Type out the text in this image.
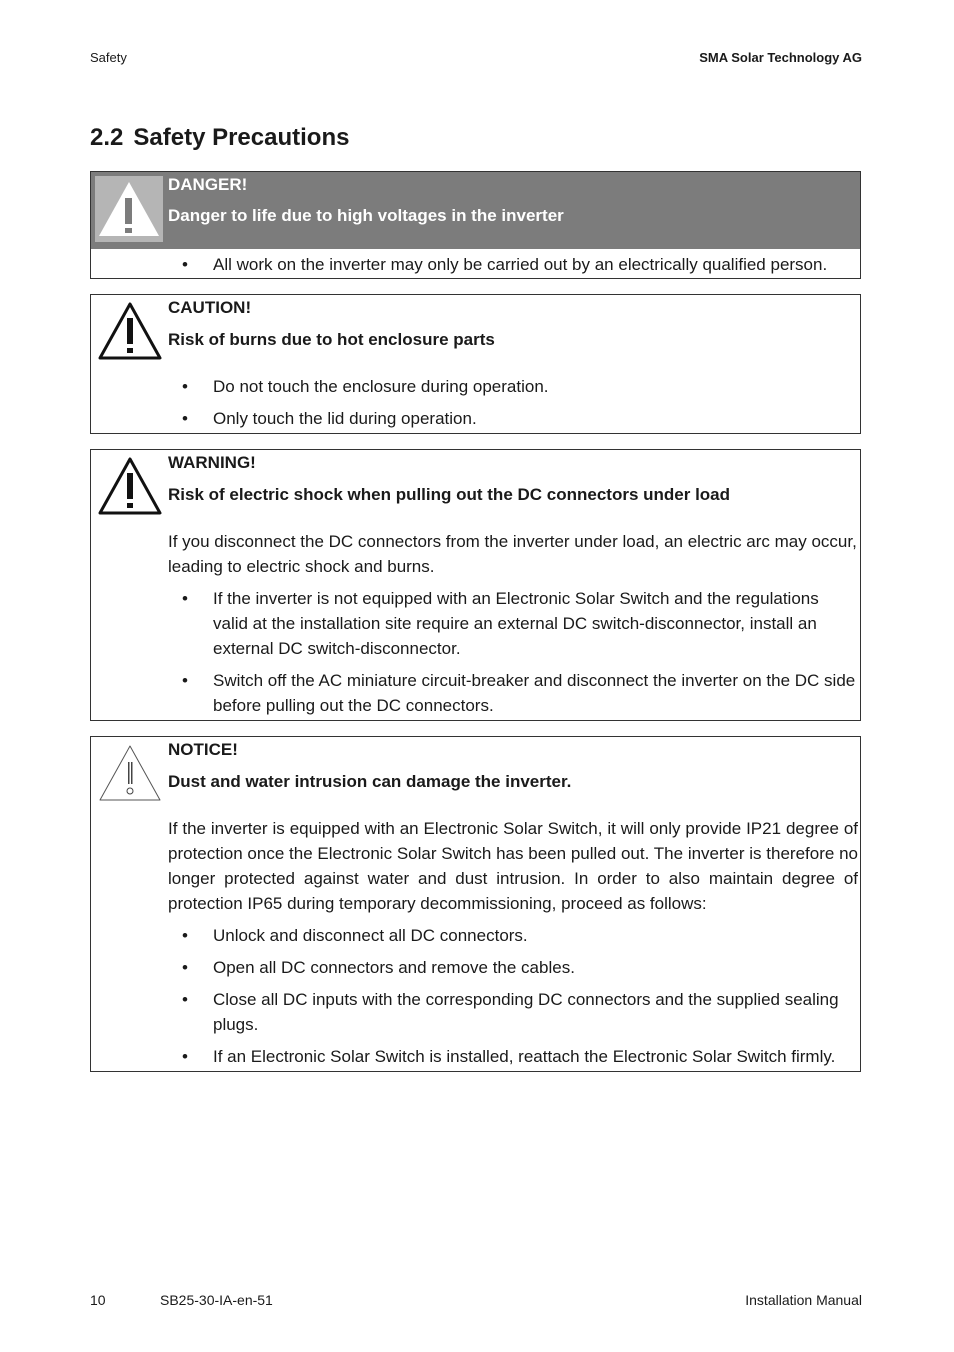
Safety	SMA Solar Technology AG
2.2 Safety Precautions

DANGER!

Danger to life due to high voltages in the inverter

• All work on the inverter may only be carried out by an electrically qualified person.

CAUTION!

Risk of burns due to hot enclosure parts

• Do not touch the enclosure during operation.
• Only touch the lid during operation.

WARNING!

Risk of electric shock when pulling out the DC connectors under load

If you disconnect the DC connectors from the inverter under load, an electric arc may occur, leading to electric shock and burns.

• If the inverter is not equipped with an Electronic Solar Switch and the regulations valid at the installation site require an external DC switch-disconnector, install an external DC switch-disconnector.
• Switch off the AC miniature circuit-breaker and disconnect the inverter on the DC side before pulling out the DC connectors.

NOTICE!

Dust and water intrusion can damage the inverter.

If the inverter is equipped with an Electronic Solar Switch, it will only provide IP21 degree of protection once the Electronic Solar Switch has been pulled out. The inverter is therefore no longer protected against water and dust intrusion. In order to also maintain degree of protection IP65 during temporary decommissioning, proceed as follows:

• Unlock and disconnect all DC connectors.
• Open all DC connectors and remove the cables.
• Close all DC inputs with the corresponding DC connectors and the supplied sealing plugs.
• If an Electronic Solar Switch is installed, reattach the Electronic Solar Switch firmly.
10	SB25-30-IA-en-51	Installation Manual
